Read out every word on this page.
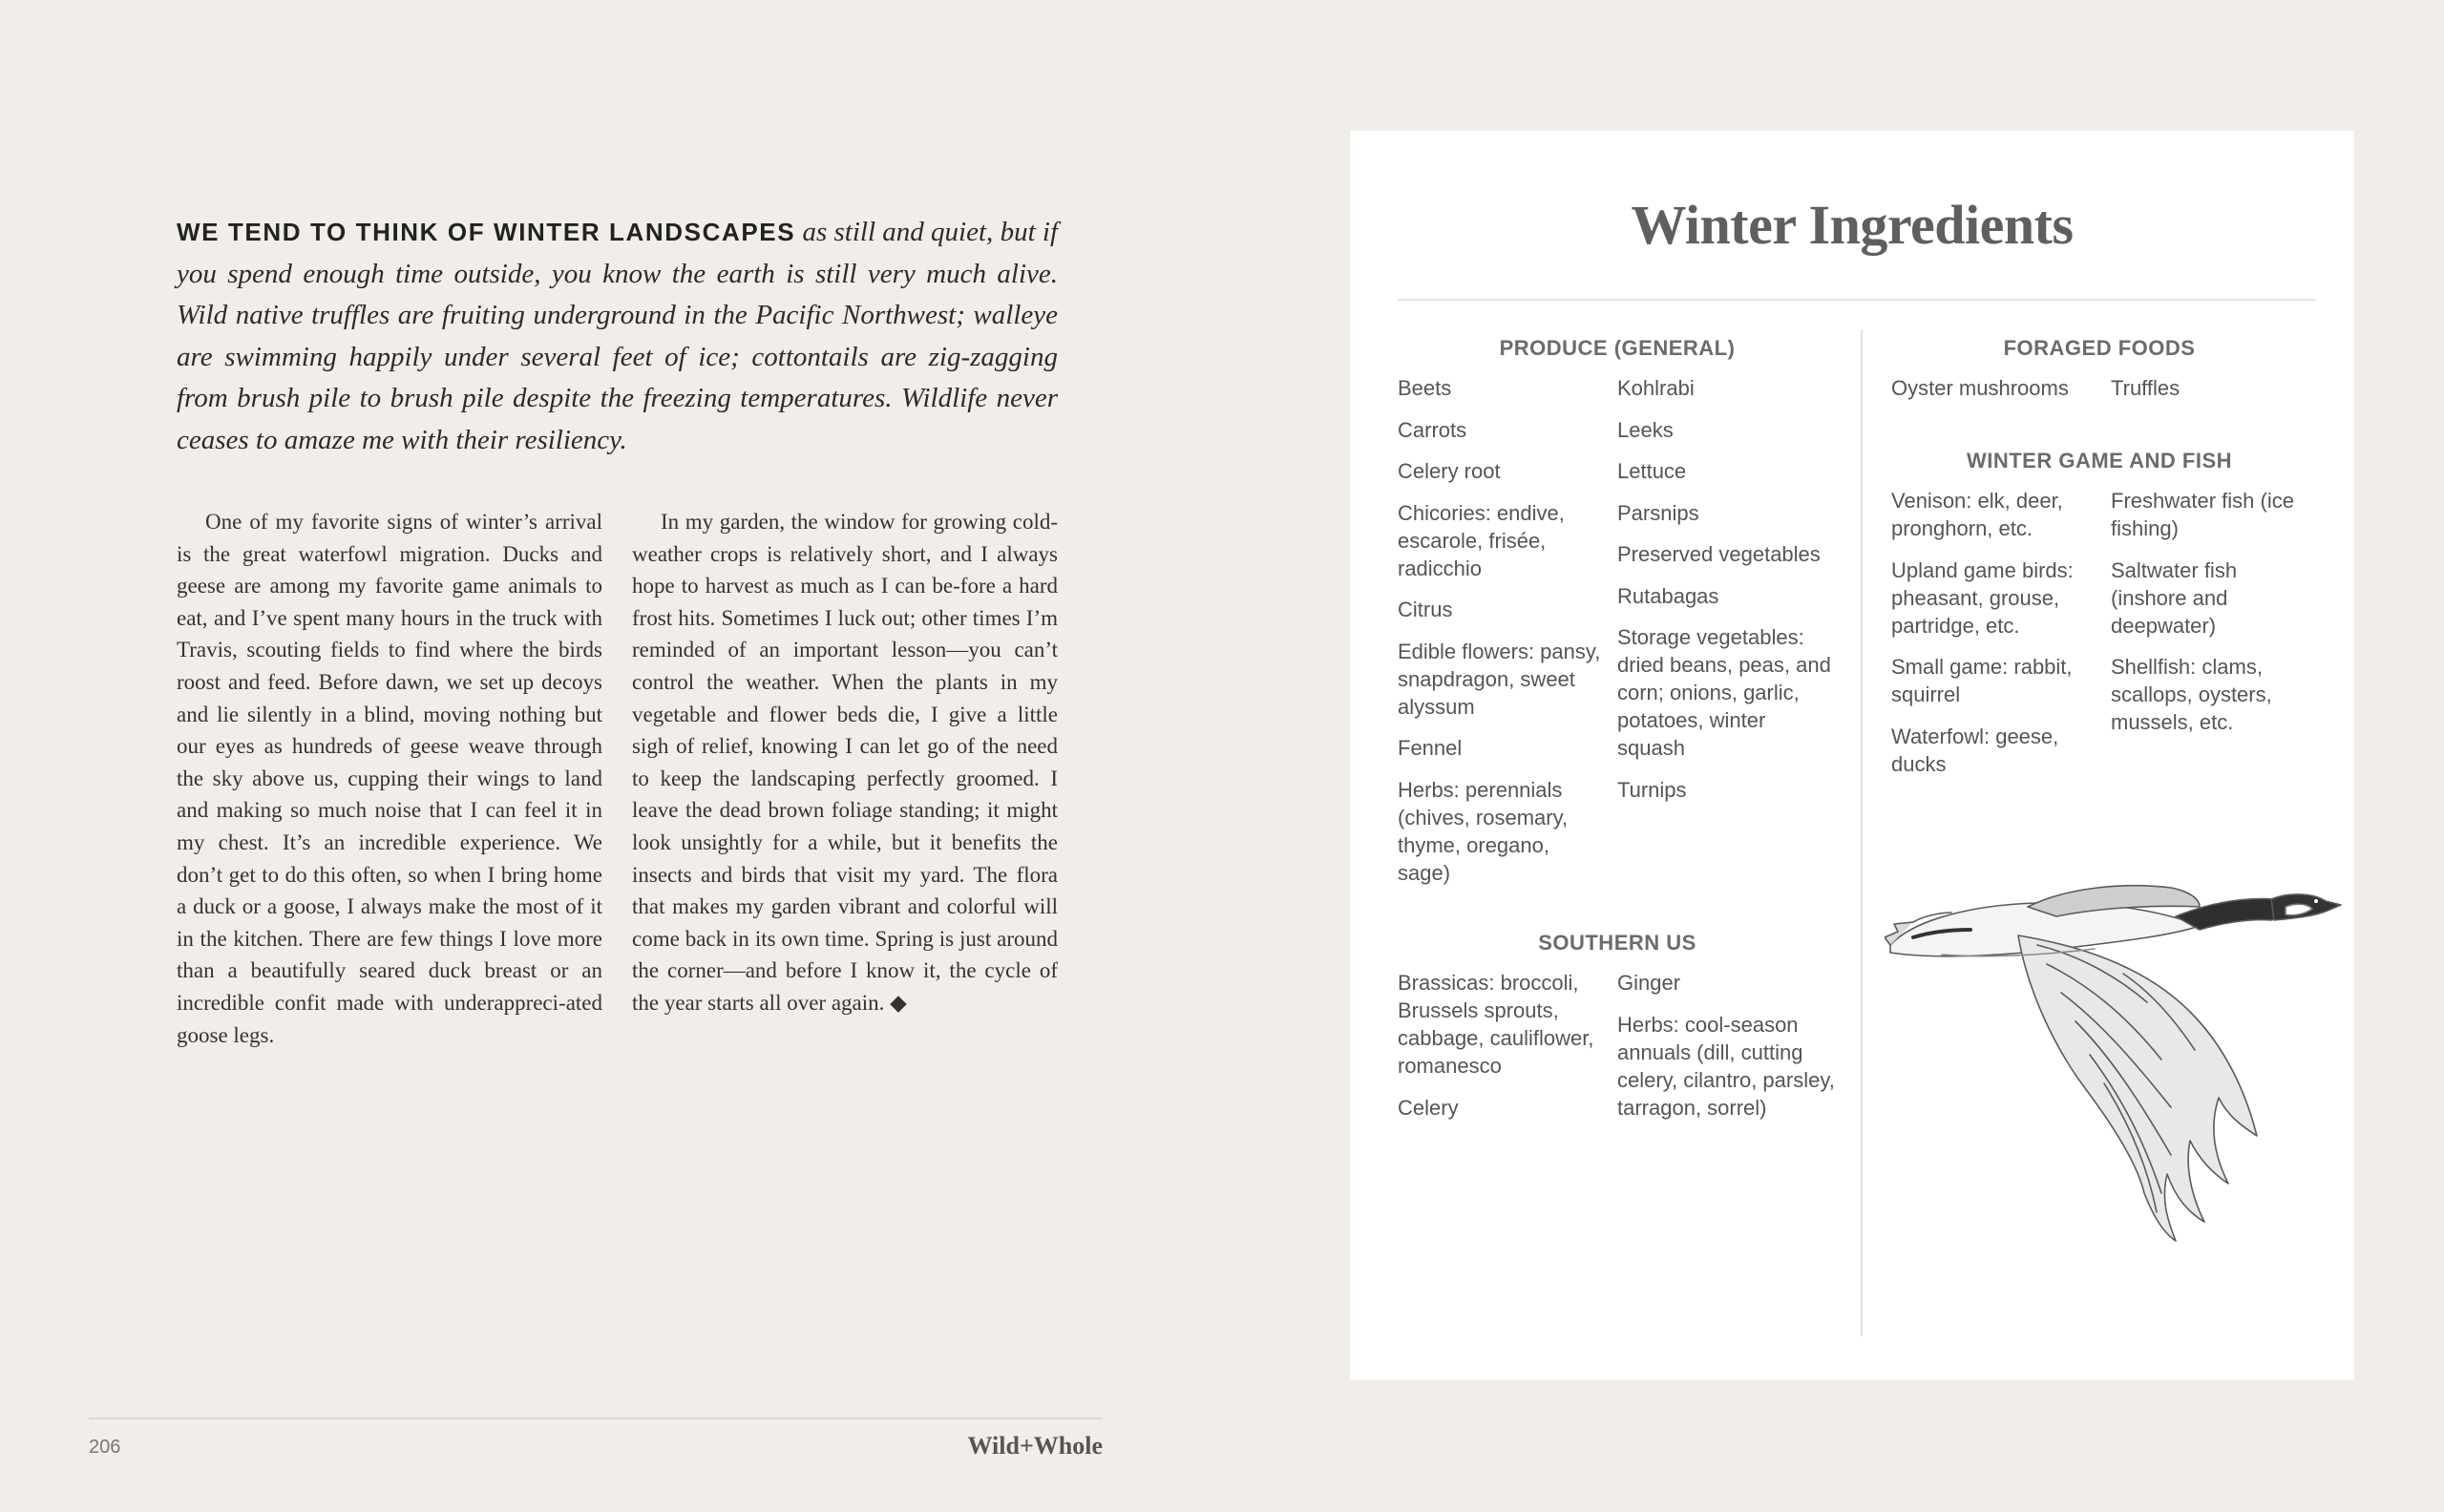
WE TEND TO THINK OF WINTER LANDSCAPES as still and quiet, but if you spend enough time outside, you know the earth is still very much alive. Wild native truffles are fruiting underground in the Pacific Northwest; walleye are swimming happily under several feet of ice; cottontails are zig-zagging from brush pile to brush pile despite the freezing temperatures. Wildlife never ceases to amaze me with their resiliency.

One of my favorite signs of winter’s arrival is the great waterfowl migration. Ducks and geese are among my favorite game animals to eat, and I’ve spent many hours in the truck with Travis, scouting fields to find where the birds roost and feed. Before dawn, we set up decoys and lie silently in a blind, moving nothing but our eyes as hundreds of geese weave through the sky above us, cupping their wings to land and making so much noise that I can feel it in my chest. It’s an incredible experience. We don’t get to do this often, so when I bring home a duck or a goose, I always make the most of it in the kitchen. There are few things I love more than a beautifully seared duck breast or an incredible confit made with underappreci-ated goose legs.

In my garden, the window for growing cold-weather crops is relatively short, and I always hope to harvest as much as I can be-fore a hard frost hits. Sometimes I luck out; other times I’m reminded of an important lesson—you can’t control the weather. When the plants in my vegetable and flower beds die, I give a little sigh of relief, knowing I can let go of the need to keep the landscaping perfectly groomed. I leave the dead brown foliage standing; it might look unsightly for a while, but it benefits the insects and birds that visit my yard. The flora that makes my garden vibrant and colorful will come back in its own time. Spring is just around the corner—and before I know it, the cycle of the year starts all over again. ◆

206	Wild+Whole
Winter Ingredients
PRODUCE (GENERAL)
Beets
Carrots
Celery root
Chicories: endive, escarole, frisée, radicchio
Citrus
Edible flowers: pansy, snapdragon, sweet alyssum
Fennel
Herbs: perennials (chives, rosemary, thyme, oregano, sage)
Kohlrabi
Leeks
Lettuce
Parsnips
Preserved vegetables
Rutabagas
Storage vegetables: dried beans, peas, and corn; onions, garlic, potatoes, winter squash
Turnips
SOUTHERN US
Brassicas: broccoli, Brussels sprouts, cabbage, cauliflower, romanesco
Celery
Ginger
Herbs: cool-season annuals (dill, cutting celery, cilantro, parsley, tarragon, sorrel)
FORAGED FOODS
Oyster mushrooms	Truffles
WINTER GAME AND FISH
Venison: elk, deer, pronghorn, etc.
Upland game birds: pheasant, grouse, partridge, etc.
Small game: rabbit, squirrel
Waterfowl: geese, ducks
Freshwater fish (ice fishing)
Saltwater fish (inshore and deepwater)
Shellfish: clams, scallops, oysters, mussels, etc.
